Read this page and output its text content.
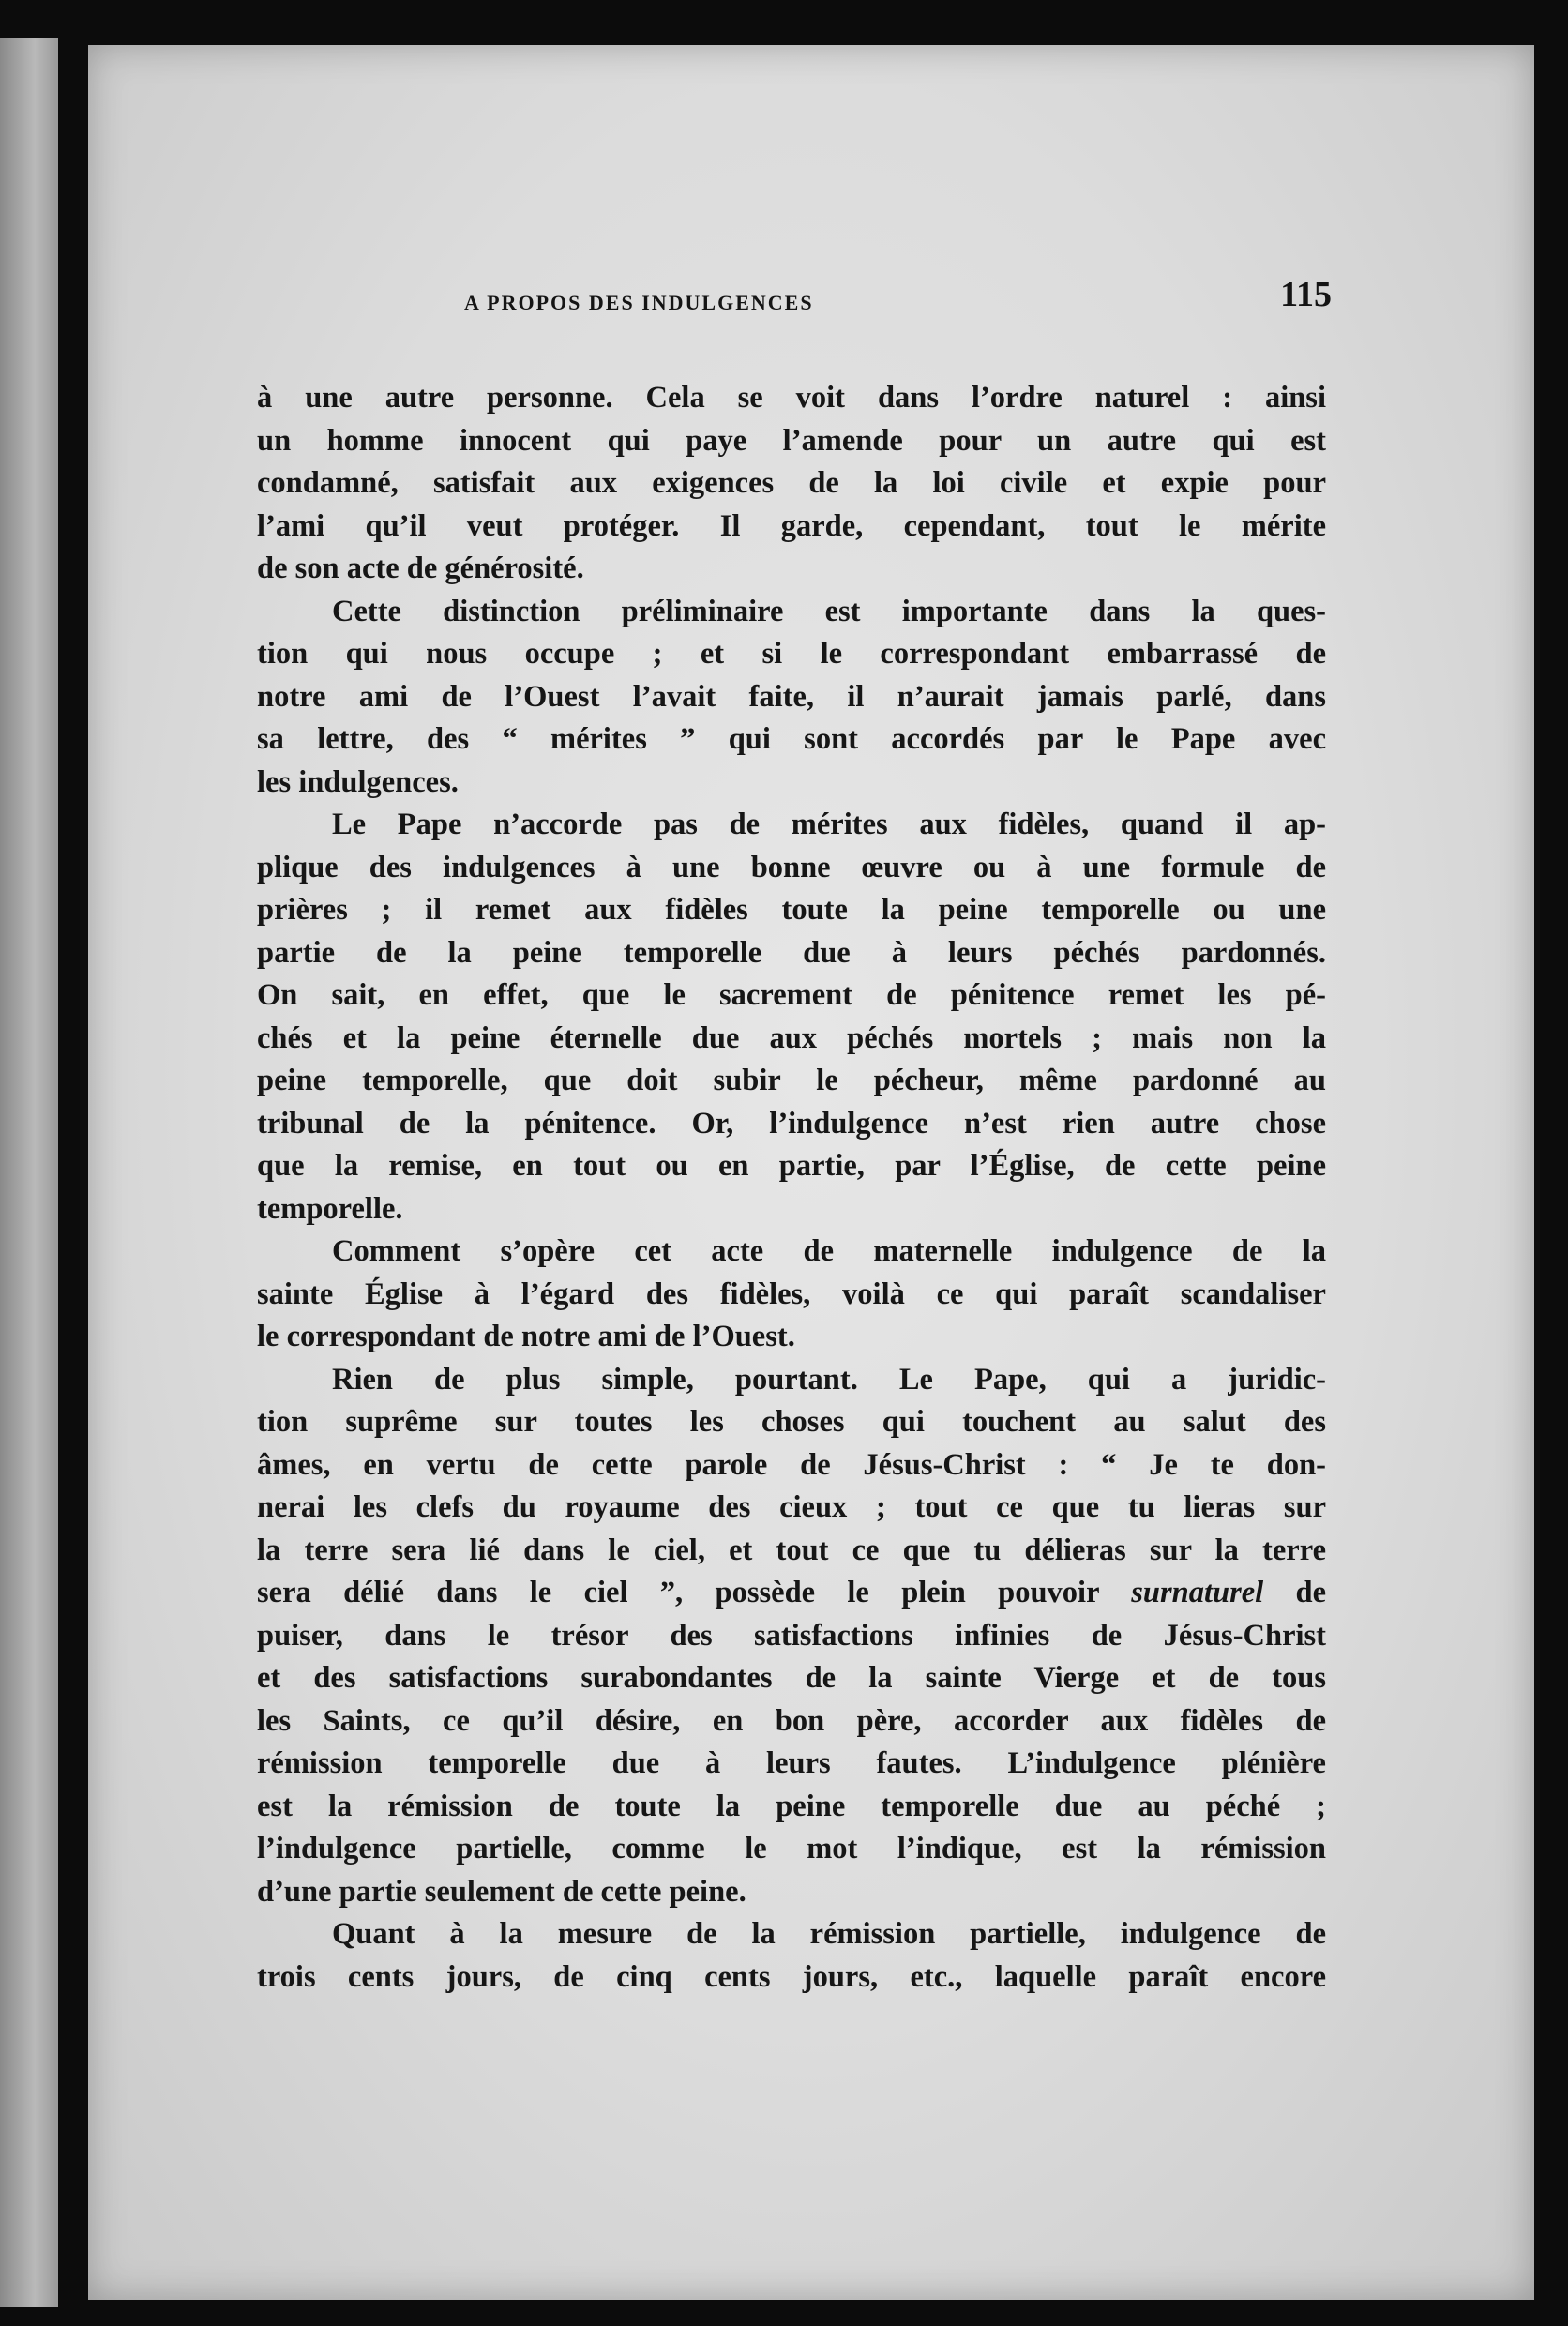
A PROPOS DES INDULGENCES	115

à une autre personne. Cela se voit dans l’ordre naturel : ainsi
un homme innocent qui paye l’amende pour un autre qui est
condamné, satisfait aux exigences de la loi civile et expie pour
l’ami qu’il veut protéger. Il garde, cependant, tout le mérite
de son acte de générosité.

Cette distinction préliminaire est importante dans la ques-
tion qui nous occupe ; et si le correspondant embarrassé de
notre ami de l’Ouest l’avait faite, il n’aurait jamais parlé, dans
sa lettre, des “ mérites ” qui sont accordés par le Pape avec
les indulgences.

Le Pape n’accorde pas de mérites aux fidèles, quand il ap-
plique des indulgences à une bonne œuvre ou à une formule de
prières ; il remet aux fidèles toute la peine temporelle ou une
partie de la peine temporelle due à leurs péchés pardonnés.
On sait, en effet, que le sacrement de pénitence remet les pé-
chés et la peine éternelle due aux péchés mortels ; mais non la
peine temporelle, que doit subir le pécheur, même pardonné au
tribunal de la pénitence. Or, l’indulgence n’est rien autre chose
que la remise, en tout ou en partie, par l’Église, de cette peine
temporelle.

Comment s’opère cet acte de maternelle indulgence de la
sainte Église à l’égard des fidèles, voilà ce qui paraît scandaliser
le correspondant de notre ami de l’Ouest.

Rien de plus simple, pourtant. Le Pape, qui a juridic-
tion suprême sur toutes les choses qui touchent au salut des
âmes, en vertu de cette parole de Jésus-Christ : “ Je te don-
nerai les clefs du royaume des cieux ; tout ce que tu lieras sur
la terre sera lié dans le ciel, et tout ce que tu délieras sur la terre
sera délié dans le ciel ”, possède le plein pouvoir surnaturel de
puiser, dans le trésor des satisfactions infinies de Jésus-Christ
et des satisfactions surabondantes de la sainte Vierge et de tous
les Saints, ce qu’il désire, en bon père, accorder aux fidèles de
rémission temporelle due à leurs fautes. L’indulgence plénière
est la rémission de toute la peine temporelle due au péché ;
l’indulgence partielle, comme le mot l’indique, est la rémission
d’une partie seulement de cette peine.

Quant à la mesure de la rémission partielle, indulgence de
trois cents jours, de cinq cents jours, etc., laquelle paraît encore
